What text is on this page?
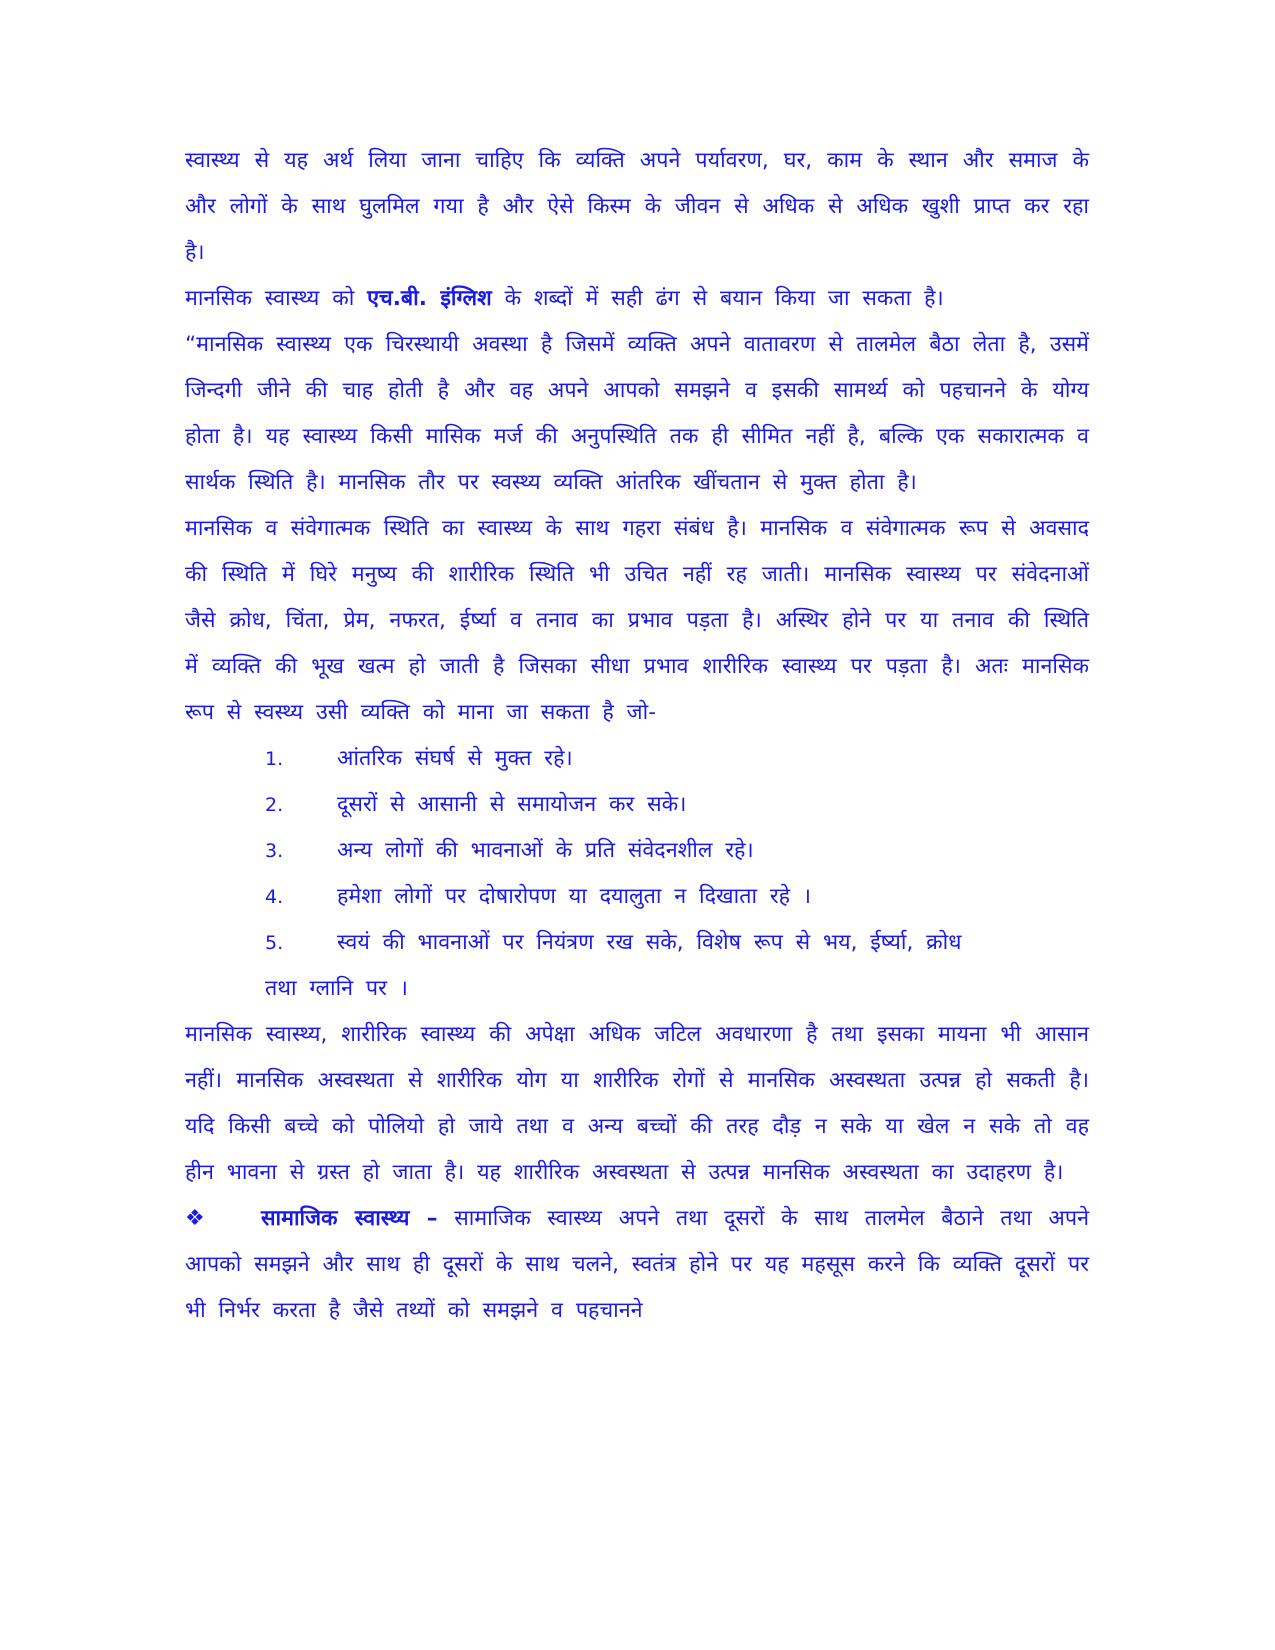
स्वास्थ्य से यह अर्थ लिया जाना चाहिए कि व्यक्ति अपने पर्यावरण, घर, काम के स्थान और समाज के और लोगों के साथ घुलमिल गया है और ऐसे किस्म के जीवन से अधिक से अधिक खुशी प्राप्त कर रहा है।

मानसिक स्वास्थ्य को एच.बी. इंग्लिश के शब्दों में सही ढंग से बयान किया जा सकता है।

“मानसिक स्वास्थ्य एक चिरस्थायी अवस्था है जिसमें व्यक्ति अपने वातावरण से तालमेल बैठा लेता है, उसमें जिन्दगी जीने की चाह होती है और वह अपने आपको समझने व इसकी सामर्थ्य को पहचानने के योग्य होता है। यह स्वास्थ्य किसी मासिक मर्ज की अनुपस्थिति तक ही सीमित नहीं है, बल्कि एक सकारात्मक व सार्थक स्थिति है। मानसिक तौर पर स्वस्थ्य व्यक्ति आंतरिक खींचतान से मुक्त होता है।

मानसिक व संवेगात्मक स्थिति का स्वास्थ्य के साथ गहरा संबंध है। मानसिक व संवेगात्मक रूप से अवसाद की स्थिति में घिरे मनुष्य की शारीरिक स्थिति भी उचित नहीं रह जाती। मानसिक स्वास्थ्य पर संवेदनाओं जैसे क्रोध, चिंता, प्रेम, नफरत, ईर्ष्या व तनाव का प्रभाव पड़ता है। अस्थिर होने पर या तनाव की स्थिति में व्यक्ति की भूख खत्म हो जाती है जिसका सीधा प्रभाव शारीरिक स्वास्थ्य पर पड़ता है। अतः मानसिक रूप से स्वस्थ्य उसी व्यक्ति को माना जा सकता है जो-

1.	आंतरिक संघर्ष से मुक्त रहे।
2.	दूसरों से आसानी से समायोजन कर सके।
3.	अन्य लोगों की भावनाओं के प्रति संवेदनशील रहे।
4.	हमेशा लोगों पर दोषारोपण या दयालुता न दिखाता रहे ।
5.	स्वयं की भावनाओं पर नियंत्रण रख सके, विशेष रूप से भय, ईर्ष्या, क्रोध
तथा ग्लानि पर ।

मानसिक स्वास्थ्य, शारीरिक स्वास्थ्य की अपेक्षा अधिक जटिल अवधारणा है तथा इसका मायना भी आसान नहीं। मानसिक अस्वस्थता से शारीरिक योग या शारीरिक रोगों से मानसिक अस्वस्थता उत्पन्न हो सकती है। यदि किसी बच्चे को पोलियो हो जाये तथा व अन्य बच्चों की तरह दौड़ न सके या खेल न सके तो वह हीन भावना से ग्रस्त हो जाता है। यह शारीरिक अस्वस्थता से उत्पन्न मानसिक अस्वस्थता का उदाहरण है।

❖	सामाजिक स्वास्थ्य – सामाजिक स्वास्थ्य अपने तथा दूसरों के साथ तालमेल बैठाने तथा अपने आपको समझने और साथ ही दूसरों के साथ चलने, स्वतंत्र होने पर यह महसूस करने कि व्यक्ति दूसरों पर भी निर्भर करता है जैसे तथ्यों को समझने व पहचानने
